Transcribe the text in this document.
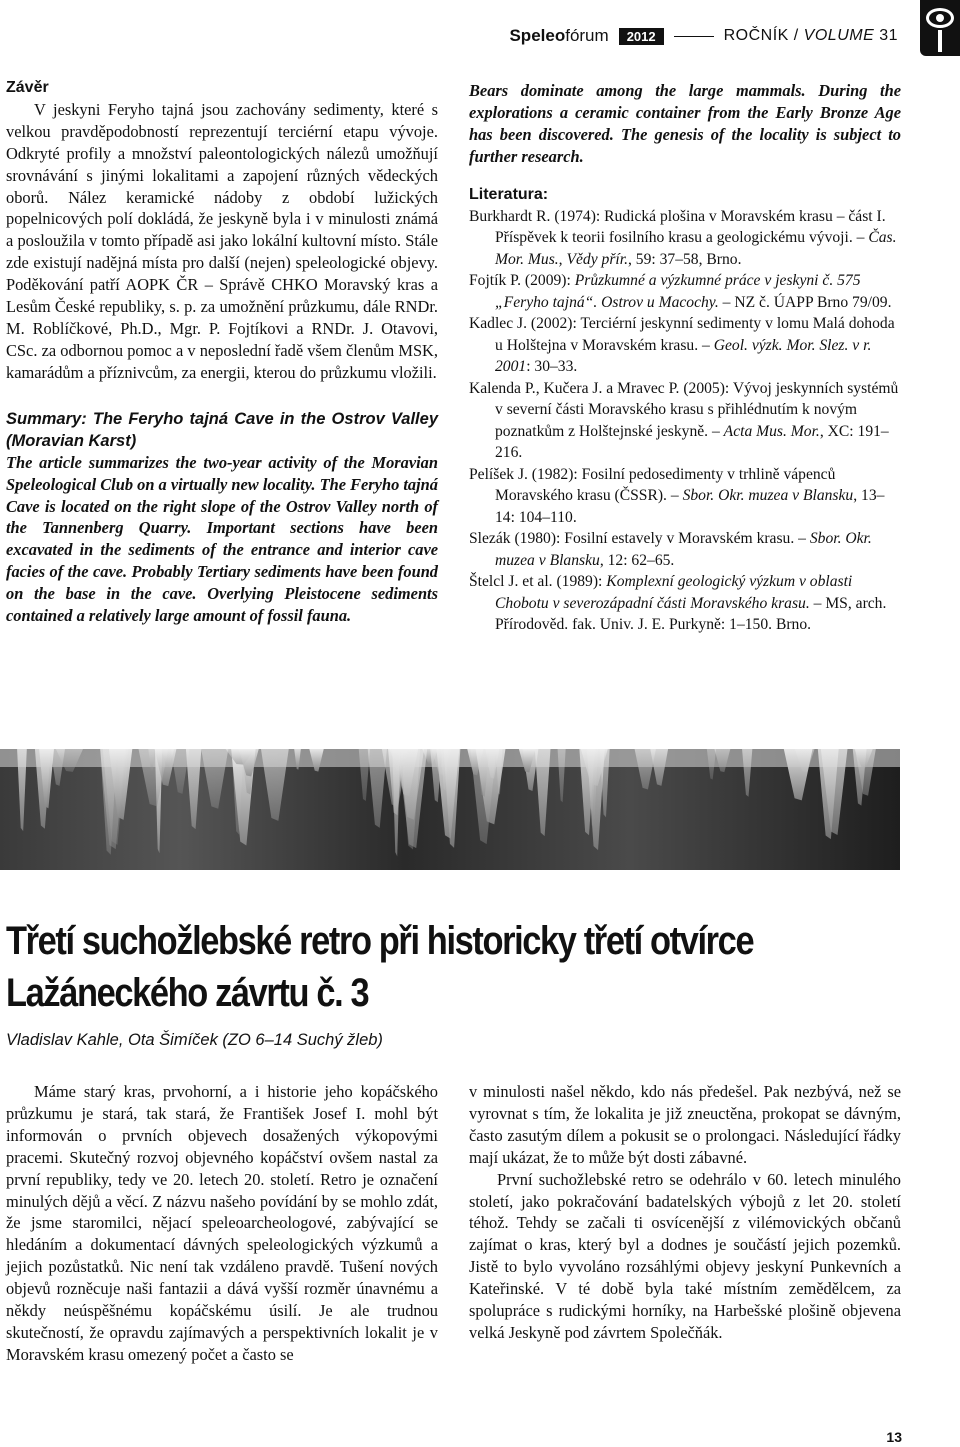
Speleofórum	2012	ROČNÍK / VOLUME 31

Závěr

V jeskyni Feryho tajná jsou zachovány sedimenty, které s velkou pravděpodobností reprezentují terciérní etapu vývoje. Odkryté profily a množství paleontologických nálezů umožňují srovnávání s jinými lokalitami a zapojení různých vědeckých oborů. Nález keramické nádoby z období lužických popelnicových polí dokládá, že jeskyně byla i v minulosti známá a posloužila v tomto případě asi jako lokální kultovní místo. Stále zde existují nadějná místa pro další (nejen) speleologické objevy. Poděkování patří AOPK ČR – Správě CHKO Moravský kras a Lesům České republiky, s. p. za umožnění průzkumu, dále RNDr. M. Roblíčkové, Ph.D., Mgr. P. Fojtíkovi a RNDr. J. Otavovi, CSc. za odbornou pomoc a v neposlední řadě všem členům MSK, kamarádům a příznivcům, za energii, kterou do průzkumu vložili.

Summary: The Feryho tajná Cave in the Ostrov Valley (Moravian Karst)

The article summarizes the two-year activity of the Moravian Speleological Club on a virtually new locality. The Feryho tajná Cave is located on the right slope of the Ostrov Valley north of the Tannenberg Quarry. Important sections have been excavated in the sediments of the entrance and interior cave facies of the cave. Probably Tertiary sediments have been found on the base in the cave. Overlying Pleistocene sediments contained a relatively large amount of fossil fauna.

Bears dominate among the large mammals. During the explorations a ceramic container from the Early Bronze Age has been discovered. The genesis of the locality is subject to further research.

Literatura:

Burkhardt R. (1974): Rudická plošina v Moravském krasu – část I. Příspěvek k teorii fosilního krasu a geologickému vývoji. – Čas. Mor. Mus., Vědy přír., 59: 37–58, Brno.

Fojtík P. (2009): Průzkumné a výzkumné práce v jeskyni č. 575 „Feryho tajná“. Ostrov u Macochy. – NZ č. ÚAPP Brno 79/09.

Kadlec J. (2002): Terciérní jeskynní sedimenty v lomu Malá dohoda u Holštejna v Moravském krasu. – Geol. výzk. Mor. Slez. v r. 2001: 30–33.

Kalenda P., Kučera J. a Mravec P. (2005): Vývoj jeskynních systémů v severní části Moravského krasu s přihlédnutím k novým poznatkům z Holštejnské jeskyně. – Acta Mus. Mor., XC: 191–216.

Pelíšek J. (1982): Fosilní pedosedimenty v trhlině vápenců Moravského krasu (ČSSR). – Sbor. Okr. muzea v Blansku, 13–14: 104–110.

Slezák (1980): Fosilní estavely v Moravském krasu. – Sbor. Okr. muzea v Blansku, 12: 62–65.

Štelcl J. et al. (1989): Komplexní geologický výzkum v oblasti Chobotu v severozápadní části Moravského krasu. – MS, arch. Přírodověd. fak. Univ. J. E. Purkyně: 1–150. Brno.

Třetí suchožlebské retro při historicky třetí otvírce Lažáneckého závrtu č. 3

Vladislav Kahle, Ota Šimíček (ZO 6–14 Suchý žleb)

Máme starý kras, prvohorní, a i historie jeho kopáčského průzkumu je stará, tak stará, že František Josef I. mohl být informován o prvních objevech dosažených výkopovými pracemi. Skutečný rozvoj objevného kopáčství ovšem nastal za první republiky, tedy ve 20. letech 20. století. Retro je označení minulých dějů a věcí. Z názvu našeho povídání by se mohlo zdát, že jsme staromilci, nějací speleoarcheologové, zabývající se hledáním a dokumentací dávných speleologických výzkumů a jejich pozůstatků. Nic není tak vzdáleno pravdě. Tušení nových objevů rozněcuje naši fantazii a dává vyšší rozměr únavnému a někdy neúspěšnému kopáčskému úsilí. Je ale trudnou skutečností, že opravdu zajímavých a perspektivních lokalit je v Moravském krasu omezený počet a často se

v minulosti našel někdo, kdo nás předešel. Pak nezbývá, než se vyrovnat s tím, že lokalita je již zneuctěna, prokopat se dávným, často zasutým dílem a pokusit se o prolongaci. Následující řádky mají ukázat, že to může být dosti zábavné.

První suchožlebské retro se odehrálo v 60. letech minulého století, jako pokračování badatelských výbojů z let 20. století téhož. Tehdy se začali ti osvícenější z vilémovických občanů zajímat o kras, který byl a dodnes je součástí jejich pozemků. Jistě to bylo vyvoláno rozsáhlými objevy jeskyní Punkevních a Kateřinské. V té době byla také místním zemědělcem, za spolupráce s rudickými horníky, na Harbešské plošině objevena velká Jeskyně pod závrtem Společňák.

13
